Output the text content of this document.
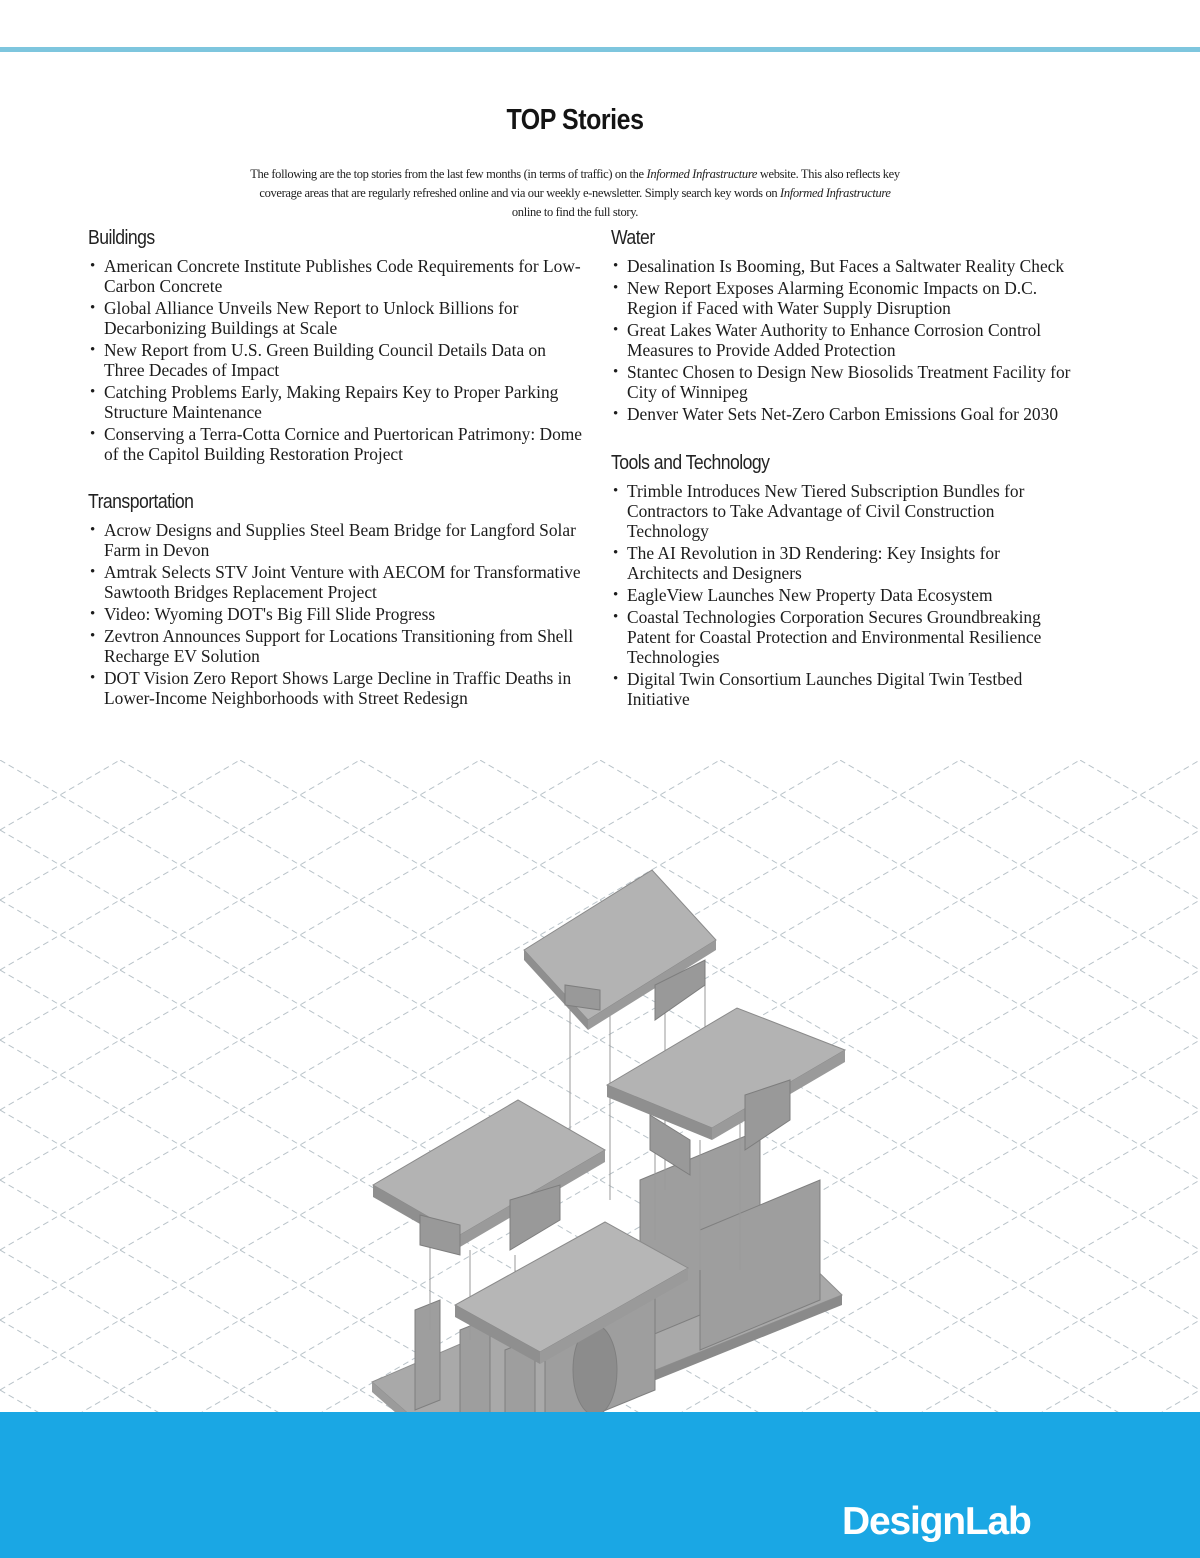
TOP Stories

The following are the top stories from the last few months (in terms of traffic) on the Informed Infrastructure website. This also reflects key coverage areas that are regularly refreshed online and via our weekly e-newsletter. Simply search key words on Informed Infrastructure online to find the full story.

Buildings
• American Concrete Institute Publishes Code Requirements for Low-Carbon Concrete
• Global Alliance Unveils New Report to Unlock Billions for Decarbonizing Buildings at Scale
• New Report from U.S. Green Building Council Details Data on Three Decades of Impact
• Catching Problems Early, Making Repairs Key to Proper Parking Structure Maintenance
• Conserving a Terra-Cotta Cornice and Puertorican Patrimony: Dome of the Capitol Building Restoration Project
Transportation
• Acrow Designs and Supplies Steel Beam Bridge for Langford Solar Farm in Devon
• Amtrak Selects STV Joint Venture with AECOM for Transformative Sawtooth Bridges Replacement Project
• Video: Wyoming DOT's Big Fill Slide Progress
• Zevtron Announces Support for Locations Transitioning from Shell Recharge EV Solution
• DOT Vision Zero Report Shows Large Decline in Traffic Deaths in Lower-Income Neighborhoods with Street Redesign
Water
• Desalination Is Booming, But Faces a Saltwater Reality Check
• New Report Exposes Alarming Economic Impacts on D.C. Region if Faced with Water Supply Disruption
• Great Lakes Water Authority to Enhance Corrosion Control Measures to Provide Added Protection
• Stantec Chosen to Design New Biosolids Treatment Facility for City of Winnipeg
• Denver Water Sets Net-Zero Carbon Emissions Goal for 2030
Tools and Technology
• Trimble Introduces New Tiered Subscription Bundles for Contractors to Take Advantage of Civil Construction Technology
• The AI Revolution in 3D Rendering: Key Insights for Architects and Designers
• EagleView Launches New Property Data Ecosystem
• Coastal Technologies Corporation Secures Groundbreaking Patent for Coastal Protection and Environmental Resilience Technologies
• Digital Twin Consortium Launches Digital Twin Testbed Initiative
DesignLab
